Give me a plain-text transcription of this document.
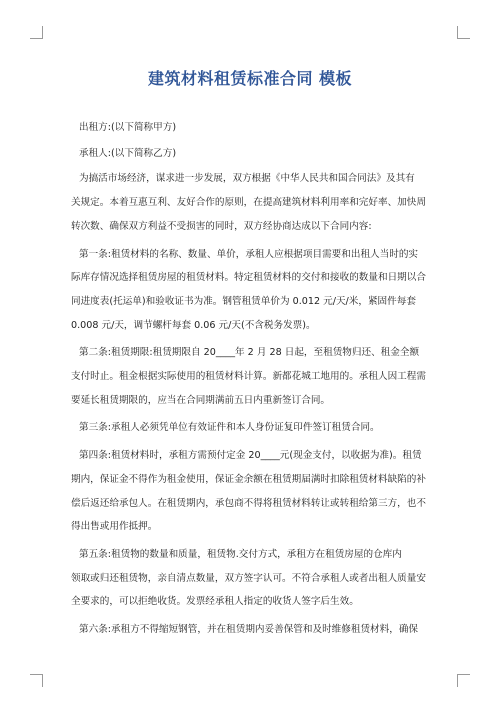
建筑材料租赁标准合同 模板

出租方:(以下简称甲方)

承租人:(以下简称乙方)

为搞活市场经济，谋求进一步发展，双方根据《中华人民共和国合同法》及其有

关规定。本着互惠互利、友好合作的原则，在提高建筑材料利用率和完好率、加快周

转次数、确保双方利益不受损害的同时，双方经协商达成以下合同内容:

第一条:租赁材料的名称、数量、单价，承租人应根据项目需要和出租人当时的实

际库存情况选择租赁房屋的租赁材料。特定租赁材料的交付和接收的数量和日期以合

同进度表(托运单)和验收证书为准。钢管租赁单价为 0.012 元/天/米，紧固件每套

0.008 元/天，调节螺杆每套 0.06 元/天(不含税务发票)。

第二条:租赁期限:租赁期限自 20____年 2 月 28 日起，至租赁物归还、租金全额

支付时止。租金根据实际使用的租赁材料计算。新都花城工地用的。承租人因工程需

要延长租赁期限的，应当在合同期满前五日内重新签订合同。

第三条:承租人必须凭单位有效证件和本人身份证复印件签订租赁合同。

第四条:租赁材料时，承租方需预付定金 20____元(现金支付，以收据为准)。租赁

期内，保证金不得作为租金使用，保证金余额在租赁期届满时扣除租赁材料缺陷的补

偿后返还给承包人。在租赁期内，承包商不得将租赁材料转让或转租给第三方，也不

得出售或用作抵押。

第五条:租赁物的数量和质量，租赁物.交付方式，承租方在租赁房屋的仓库内

领取或归还租赁物，亲自清点数量，双方签字认可。不符合承租人或者出租人质量安

全要求的，可以拒绝收货。发票经承租人指定的收货人签字后生效。

第六条:承租方不得缩短钢管，并在租赁期内妥善保管和及时维修租赁材料，确保
